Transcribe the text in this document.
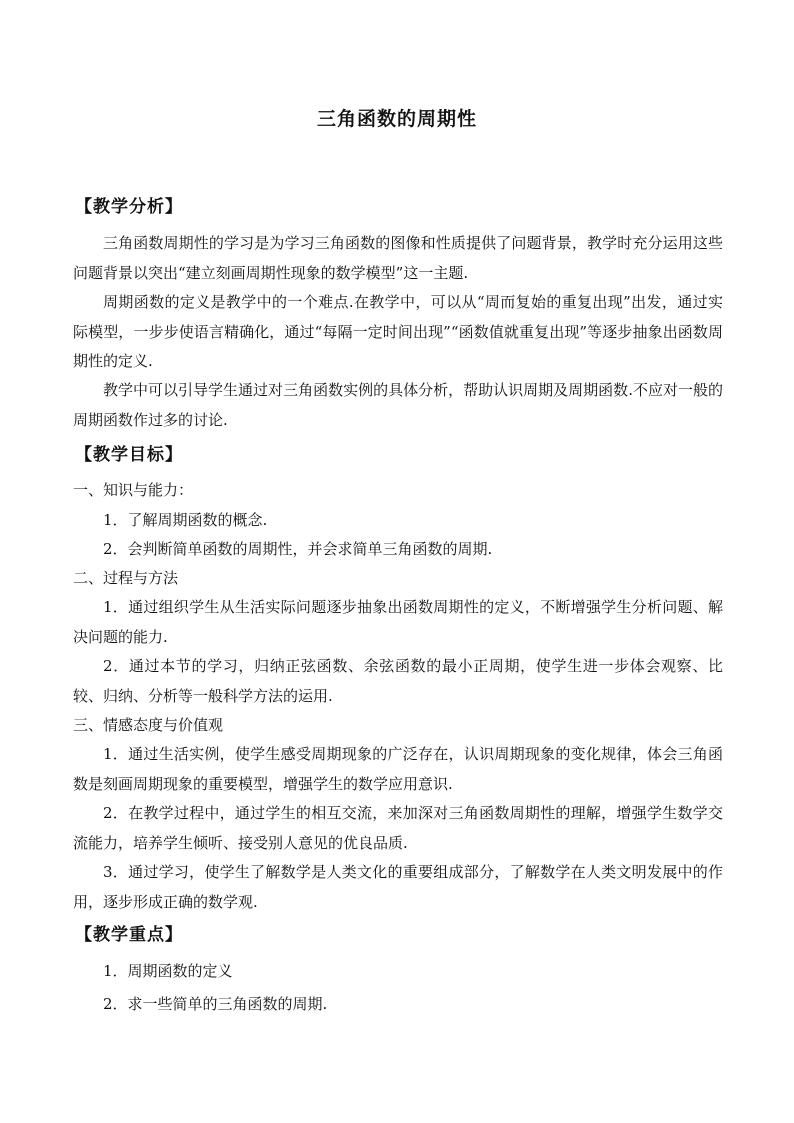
三角函数的周期性
【教学分析】
三角函数周期性的学习是为学习三角函数的图像和性质提供了问题背景，教学时充分运用这些问题背景以突出“建立刻画周期性现象的数学模型”这一主题.
周期函数的定义是教学中的一个难点.在教学中，可以从“周而复始的重复出现”出发，通过实际模型，一步步使语言精确化，通过“每隔一定时间出现”“函数值就重复出现”等逐步抽象出函数周期性的定义.
教学中可以引导学生通过对三角函数实例的具体分析，帮助认识周期及周期函数.不应对一般的周期函数作过多的讨论.
【教学目标】
一、知识与能力：
1．了解周期函数的概念.
2．会判断简单函数的周期性，并会求简单三角函数的周期.
二、过程与方法
1．通过组织学生从生活实际问题逐步抽象出函数周期性的定义，不断增强学生分析问题、解决问题的能力.
2．通过本节的学习，归纳正弦函数、余弦函数的最小正周期，使学生进一步体会观察、比较、归纳、分析等一般科学方法的运用.
三、情感态度与价值观
1．通过生活实例，使学生感受周期现象的广泛存在，认识周期现象的变化规律，体会三角函数是刻画周期现象的重要模型，增强学生的数学应用意识.
2．在教学过程中，通过学生的相互交流，来加深对三角函数周期性的理解，增强学生数学交流能力，培养学生倾听、接受别人意见的优良品质.
3．通过学习，使学生了解数学是人类文化的重要组成部分，了解数学在人类文明发展中的作用，逐步形成正确的数学观.
【教学重点】
1．周期函数的定义
2．求一些简单的三角函数的周期.
